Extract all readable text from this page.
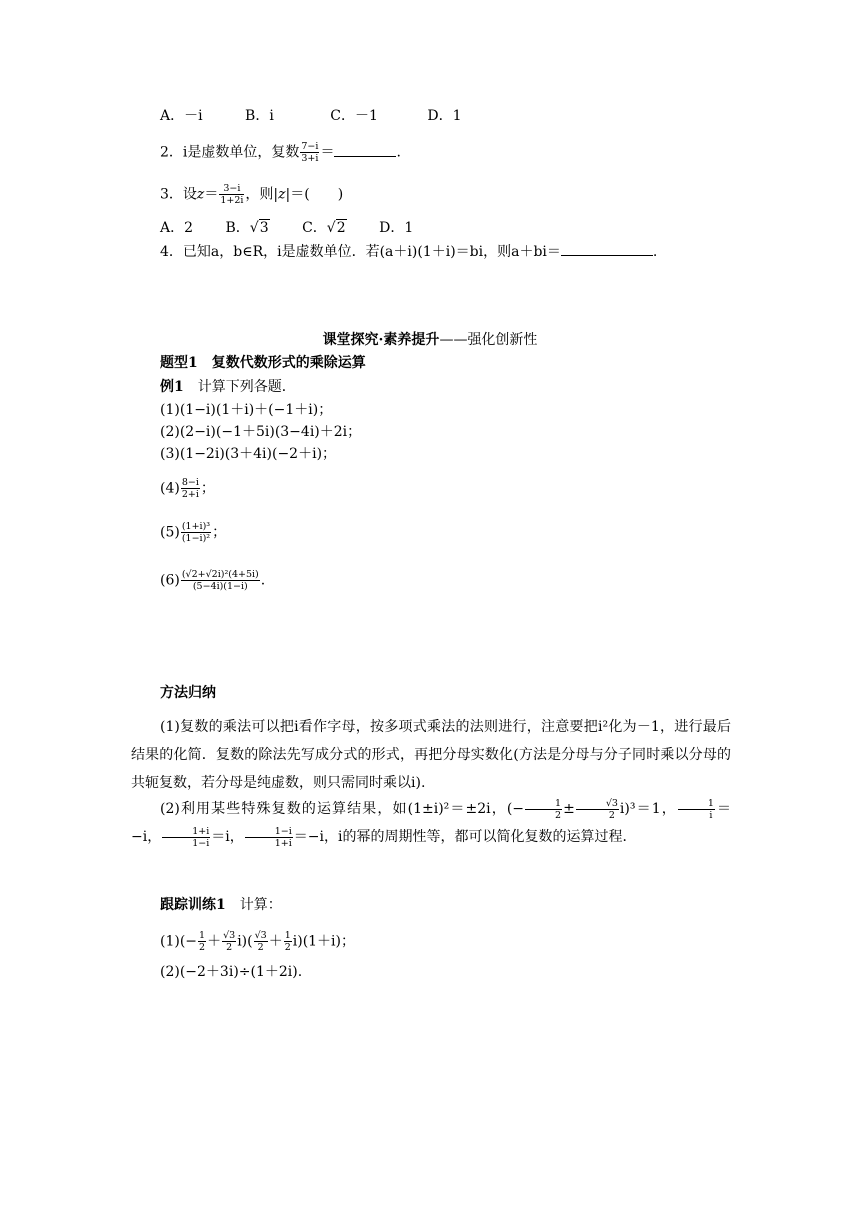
A．－i	B．i	C．－1	D．1
2．i是虚数单位，复数 $\frac{7-i}{3+i}$ ＝	.
3．设$z= \frac{3-i}{1+2i}$ ，则|z|＝(　　)
A．2 B．√3 C．√2 D．1
4．已知a，b∈R，i是虚数单位．若(a＋i)(1＋i)＝bi，则a＋bi＝	.
课堂探究·素养提升——强化创新性
题型1　复数代数形式的乘除运算
例1　计算下列各题．
(1)(1−i)(1＋i)＋(−1＋i)；
(2)(2−i)(−1＋5i)(3−4i)＋2i；
(3)(1−2i)(3＋4i)(−2＋i)；
$(4) \frac{8-i}{2+i}$ ；
$(5) \frac{\text{(1+i)³}}{\text{(1−i)²}}$ ；
$(6) \frac{\text{(√2+√2i)²(4+5i)}}{(5-4i)(1-i)}$ .
方法归纳
(1)复数的乘法可以把i看作字母，按多项式乘法的法则进行，注意要把i²化为－1，进行最后结果的化简．复数的除法先写成分式的形式，再把分母实数化(方法是分母与分子同时乘以分母的共轭复数，若分母是纯虚数，则只需同时乘以i).
(2)利用某些特殊复数的运算结果，如(1±i)²＝±2i，(− $\frac{1}{2} \pm \frac{√3}{2} i)^3=1$， $\frac{1}{i} =-i$， $\frac{1+i}{1-i} =i$， $\frac{1-i}{1+i} =-i$，i的幂的周期性等，都可以简化复数的运算过程．
跟踪训练1　计算：
$(1)(- \frac{1}{2} + \frac{√3}{2} i)( \frac{√3}{2} + \frac{1}{2} i)(1+i)$；
(2)(−2＋3i)÷(1＋2i).
